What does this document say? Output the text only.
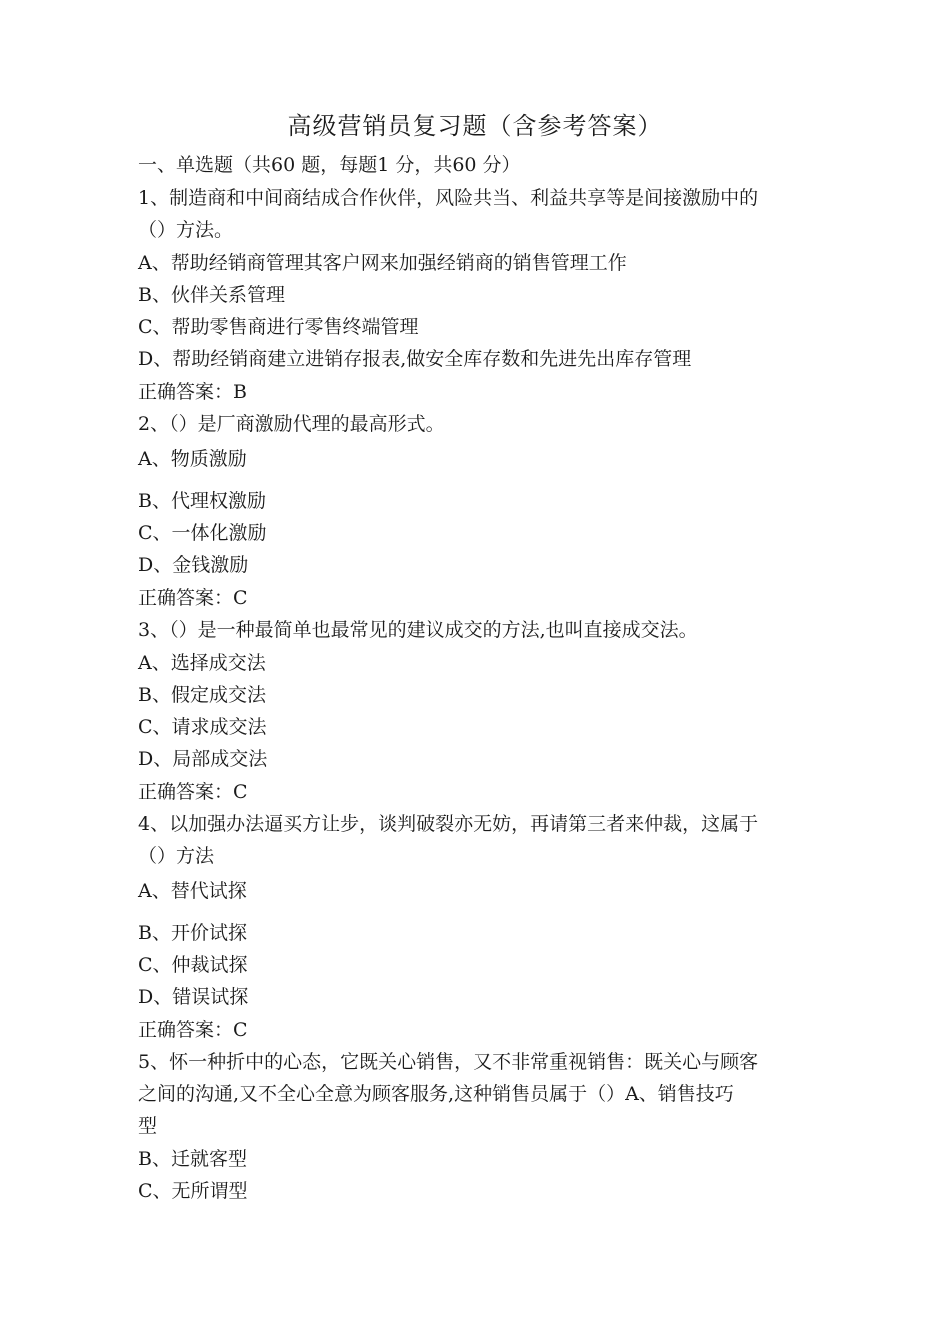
高级营销员复习题（含参考答案）
一、单选题（共60 题，每题1 分，共60 分）
1、制造商和中间商结成合作伙伴，风险共当、利益共享等是间接激励中的
（）方法。
A、帮助经销商管理其客户网来加强经销商的销售管理工作
B、伙伴关系管理
C、帮助零售商进行零售终端管理
D、帮助经销商建立进销存报表,做安全库存数和先进先出库存管理
正确答案：B
2、（）是厂商激励代理的最高形式。
A、物质激励
B、代理权激励
C、一体化激励
D、金钱激励
正确答案：C
3、（）是一种最简单也最常见的建议成交的方法,也叫直接成交法。
A、选择成交法
B、假定成交法
C、请求成交法
D、局部成交法
正确答案：C
4、以加强办法逼买方让步，谈判破裂亦无妨，再请第三者来仲裁，这属于
（）方法
A、替代试探
B、开价试探
C、仲裁试探
D、错误试探
正确答案：C
5、怀一种折中的心态，它既关心销售，又不非常重视销售：既关心与顾客
之间的沟通,又不全心全意为顾客服务,这种销售员属于（）A、销售技巧
型
B、迁就客型
C、无所谓型
